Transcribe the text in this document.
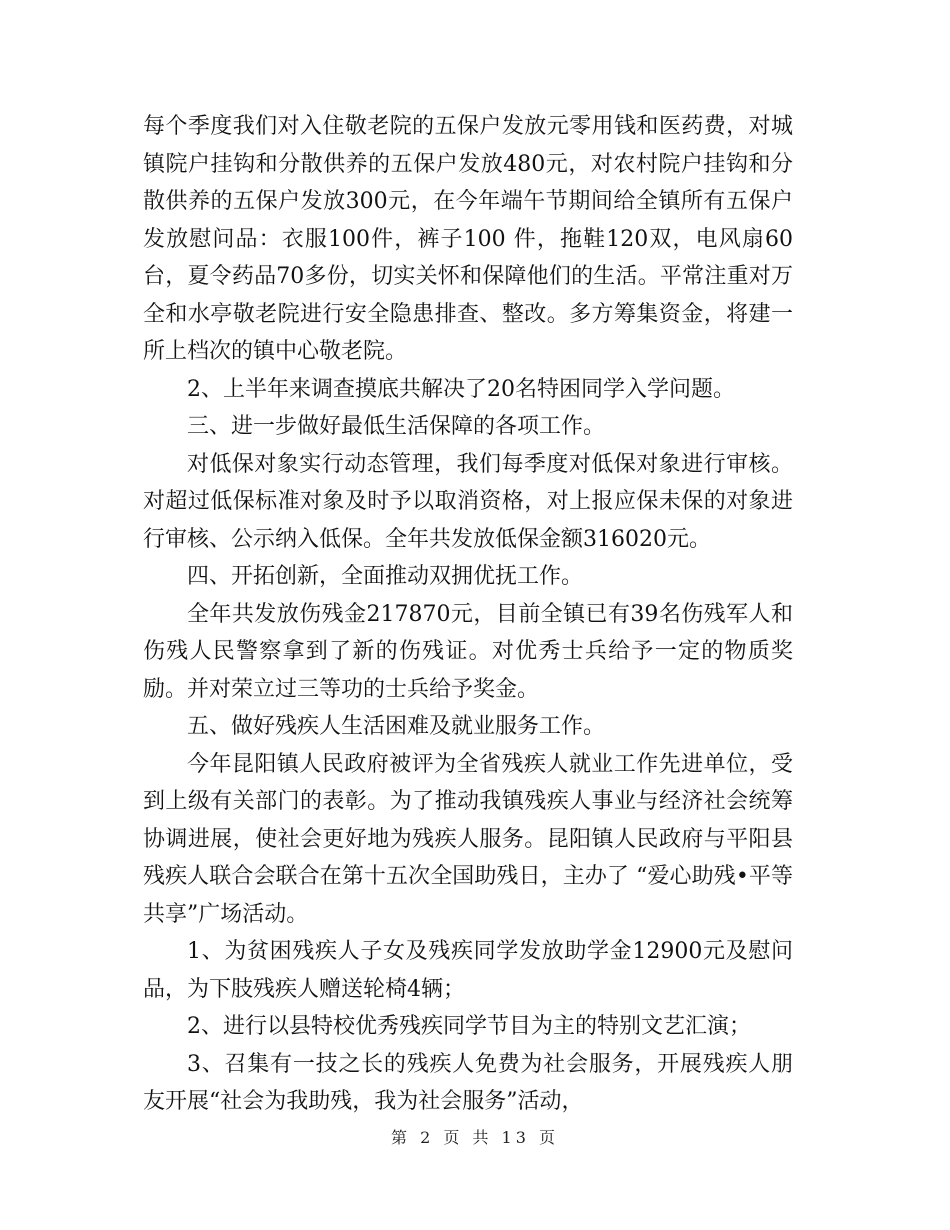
每个季度我们对入住敬老院的五保户发放元零用钱和医药费，对城镇院户挂钩和分散供养的五保户发放480元，对农村院户挂钩和分散供养的五保户发放300元，在今年端午节期间给全镇所有五保户发放慰问品：衣服100件，裤子100 件，拖鞋120双，电风扇60台，夏令药品70多份，切实关怀和保障他们的生活。平常注重对万全和水亭敬老院进行安全隐患排查、整改。多方筹集资金，将建一所上档次的镇中心敬老院。

2、上半年来调查摸底共解决了20名特困同学入学问题。

三、进一步做好最低生活保障的各项工作。

对低保对象实行动态管理，我们每季度对低保对象进行审核。对超过低保标准对象及时予以取消资格，对上报应保未保的对象进行审核、公示纳入低保。全年共发放低保金额316020元。

四、开拓创新，全面推动双拥优抚工作。

全年共发放伤残金217870元，目前全镇已有39名伤残军人和伤残人民警察拿到了新的伤残证。对优秀士兵给予一定的物质奖励。并对荣立过三等功的士兵给予奖金。

五、做好残疾人生活困难及就业服务工作。

今年昆阳镇人民政府被评为全省残疾人就业工作先进单位，受到上级有关部门的表彰。为了推动我镇残疾人事业与经济社会统筹协调进展，使社会更好地为残疾人服务。昆阳镇人民政府与平阳县残疾人联合会联合在第十五次全国助残日，主办了 “爱心助残•平等共享”广场活动。

1、为贫困残疾人子女及残疾同学发放助学金12900元及慰问品，为下肢残疾人赠送轮椅4辆；

2、进行以县特校优秀残疾同学节目为主的特别文艺汇演；

3、召集有一技之长的残疾人免费为社会服务，开展残疾人朋友开展“社会为我助残，我为社会服务”活动，

第 2 页 共 13 页
